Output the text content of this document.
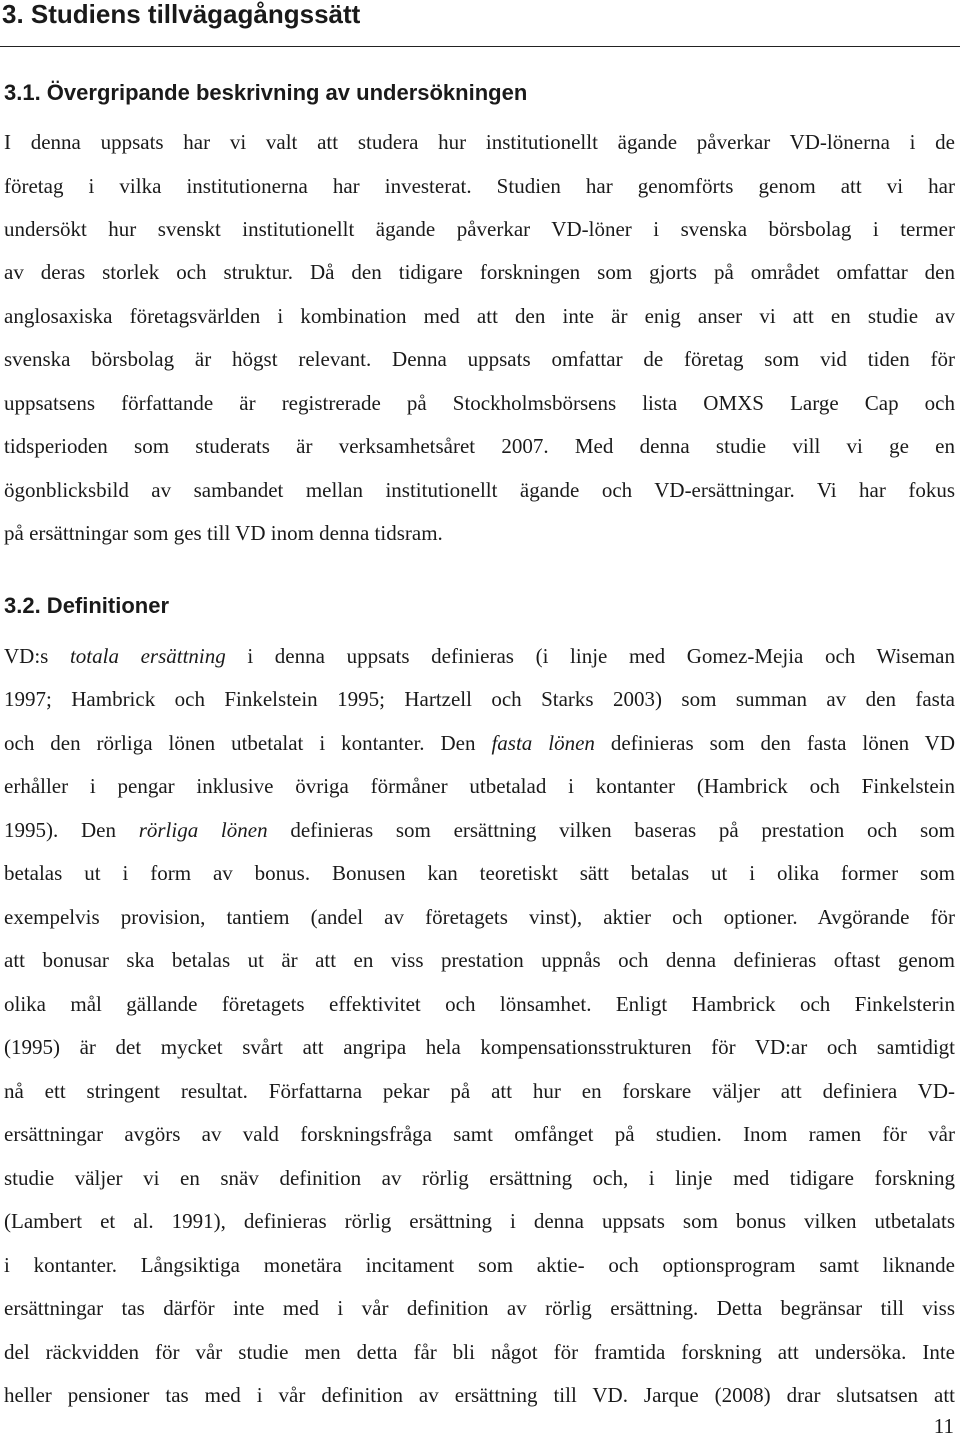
3. Studiens tillvägagångssätt
3.1. Övergripande beskrivning av undersökningen

I denna uppsats har vi valt att studera hur institutionellt ägande påverkar VD-lönerna i de

företag i vilka institutionerna har investerat. Studien har genomförts genom att vi har

undersökt hur svenskt institutionellt ägande påverkar VD-löner i svenska börsbolag i termer

av deras storlek och struktur. Då den tidigare forskningen som gjorts på området omfattar den

anglosaxiska företagsvärlden i kombination med att den inte är enig anser vi att en studie av

svenska börsbolag är högst relevant. Denna uppsats omfattar de företag som vid tiden för

uppsatsens författande är registrerade på Stockholmsbörsens lista OMXS Large Cap och

tidsperioden som studerats är verksamhetsåret 2007. Med denna studie vill vi ge en

ögonblicksbild av sambandet mellan institutionellt ägande och VD-ersättningar. Vi har fokus

på ersättningar som ges till VD inom denna tidsram.

3.2. Definitioner

VD:s totala ersättning i denna uppsats definieras (i linje med Gomez-Mejia och Wiseman

1997; Hambrick och Finkelstein 1995; Hartzell och Starks 2003) som summan av den fasta

och den rörliga lönen utbetalat i kontanter. Den fasta lönen definieras som den fasta lönen VD

erhåller i pengar inklusive övriga förmåner utbetalad i kontanter (Hambrick och Finkelstein

1995). Den rörliga lönen definieras som ersättning vilken baseras på prestation och som

betalas ut i form av bonus. Bonusen kan teoretiskt sätt betalas ut i olika former som

exempelvis provision, tantiem (andel av företagets vinst), aktier och optioner. Avgörande för

att bonusar ska betalas ut är att en viss prestation uppnås och denna definieras oftast genom

olika mål gällande företagets effektivitet och lönsamhet. Enligt Hambrick och Finkelsterin

(1995) är det mycket svårt att angripa hela kompensationsstrukturen för VD:ar och samtidigt

nå ett stringent resultat. Författarna pekar på att hur en forskare väljer att definiera VD-

ersättningar avgörs av vald forskningsfråga samt omfånget på studien. Inom ramen för vår

studie väljer vi en snäv definition av rörlig ersättning och, i linje med tidigare forskning

(Lambert et al. 1991), definieras rörlig ersättning i denna uppsats som bonus vilken utbetalats

i kontanter. Långsiktiga monetära incitament som aktie- och optionsprogram samt liknande

ersättningar tas därför inte med i vår definition av rörlig ersättning. Detta begränsar till viss

del räckvidden för vår studie men detta får bli något för framtida forskning att undersöka. Inte

heller pensioner tas med i vår definition av ersättning till VD. Jarque (2008) drar slutsatsen att

11
